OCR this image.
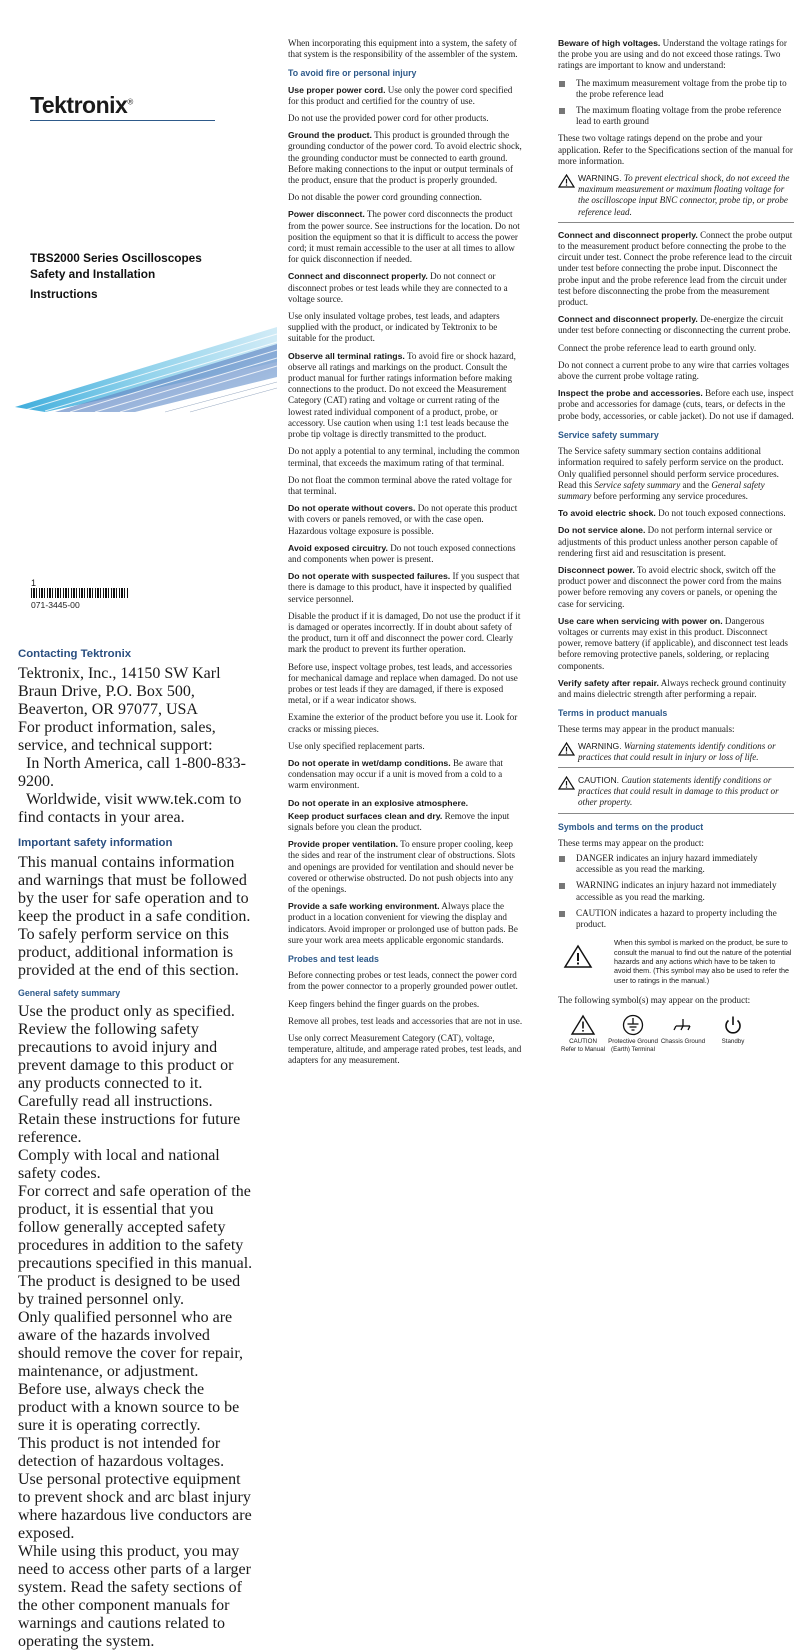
Tektronix®
TBS2000 Series Oscilloscopes
Safety and Installation
Instructions
1
071-3445-00
Contacting Tektronix

Tektronix, Inc., 14150 SW Karl Braun Drive, P.O. Box 500, Beaverton, OR 97077, USA

For product information, sales, service, and technical support:
In North America, call 1-800-833-9200.
Worldwide, visit www.tek.com to find contacts in your area.

Important safety information

This manual contains information and warnings that must be followed by the user for safe operation and to keep the product in a safe condition. To safely perform service on this product, additional information is provided at the end of this section.

General safety summary

Use the product only as specified. Review the following safety precautions to avoid injury and prevent damage to this product or any products connected to it. Carefully read all instructions. Retain these instructions for future reference.

Comply with local and national safety codes.

For correct and safe operation of the product, it is essential that you follow generally accepted safety procedures in addition to the safety precautions specified in this manual.

The product is designed to be used by trained personnel only.

Only qualified personnel who are aware of the hazards involved should remove the cover for repair, maintenance, or adjustment.

Before use, always check the product with a known source to be sure it is operating correctly.

This product is not intended for detection of hazardous voltages.

Use personal protective equipment to prevent shock and arc blast injury where hazardous live conductors are exposed.

While using this product, you may need to access other parts of a larger system. Read the safety sections of the other component manuals for warnings and cautions related to operating the system.

When incorporating this equipment into a system, the safety of that system is the responsibility of the assembler of the system.

To avoid fire or personal injury

Use proper power cord. Use only the power cord specified for this product and certified for the country of use.

Do not use the provided power cord for other products.

Ground the product. This product is grounded through the grounding conductor of the power cord. To avoid electric shock, the grounding conductor must be connected to earth ground. Before making connections to the input or output terminals of the product, ensure that the product is properly grounded.

Do not disable the power cord grounding connection.

Power disconnect. The power cord disconnects the product from the power source. See instructions for the location. Do not position the equipment so that it is difficult to access the power cord; it must remain accessible to the user at all times to allow for quick disconnection if needed.

Connect and disconnect properly. Do not connect or disconnect probes or test leads while they are connected to a voltage source.

Use only insulated voltage probes, test leads, and adapters supplied with the product, or indicated by Tektronix to be suitable for the product.

Observe all terminal ratings. To avoid fire or shock hazard, observe all ratings and markings on the product. Consult the product manual for further ratings information before making connections to the product. Do not exceed the Measurement Category (CAT) rating and voltage or current rating of the lowest rated individual component of a product, probe, or accessory. Use caution when using 1:1 test leads because the probe tip voltage is directly transmitted to the product.

Do not apply a potential to any terminal, including the common terminal, that exceeds the maximum rating of that terminal.

Do not float the common terminal above the rated voltage for that terminal.

Do not operate without covers. Do not operate this product with covers or panels removed, or with the case open. Hazardous voltage exposure is possible.

Avoid exposed circuitry. Do not touch exposed connections and components when power is present.

Do not operate with suspected failures. If you suspect that there is damage to this product, have it inspected by qualified service personnel.

Disable the product if it is damaged, Do not use the product if it is damaged or operates incorrectly. If in doubt about safety of the product, turn it off and disconnect the power cord. Clearly mark the product to prevent its further operation.

Before use, inspect voltage probes, test leads, and accessories for mechanical damage and replace when damaged. Do not use probes or test leads if they are damaged, if there is exposed metal, or if a wear indicator shows.

Examine the exterior of the product before you use it. Look for cracks or missing pieces.

Use only specified replacement parts.

Do not operate in wet/damp conditions. Be aware that condensation may occur if a unit is moved from a cold to a warm environment.

Do not operate in an explosive atmosphere.

Keep product surfaces clean and dry. Remove the input signals before you clean the product.

Provide proper ventilation. To ensure proper cooling, keep the sides and rear of the instrument clear of obstructions. Slots and openings are provided for ventilation and should never be covered or otherwise obstructed. Do not push objects into any of the openings.

Provide a safe working environment. Always place the product in a location convenient for viewing the display and indicators. Avoid improper or prolonged use of button pads. Be sure your work area meets applicable ergonomic standards.

Probes and test leads

Before connecting probes or test leads, connect the power cord from the power connector to a properly grounded power outlet.

Keep fingers behind the finger guards on the probes.

Remove all probes, test leads and accessories that are not in use.

Use only correct Measurement Category (CAT), voltage, temperature, altitude, and amperage rated probes, test leads, and adapters for any measurement.

Beware of high voltages. Understand the voltage ratings for the probe you are using and do not exceed those ratings. Two ratings are important to know and understand:

The maximum measurement voltage from the probe tip to the probe reference lead
The maximum floating voltage from the probe reference lead to earth ground

These two voltage ratings depend on the probe and your application. Refer to the Specifications section of the manual for more information.

WARNING. To prevent electrical shock, do not exceed the maximum measurement or maximum floating voltage for the oscilloscope input BNC connector, probe tip, or probe reference lead.

Connect and disconnect properly. Connect the probe output to the measurement product before connecting the probe to the circuit under test. Connect the probe reference lead to the circuit under test before connecting the probe input. Disconnect the probe input and the probe reference lead from the circuit under test before disconnecting the probe from the measurement product.

Connect and disconnect properly. De-energize the circuit under test before connecting or disconnecting the current probe.

Connect the probe reference lead to earth ground only.

Do not connect a current probe to any wire that carries voltages above the current probe voltage rating.

Inspect the probe and accessories. Before each use, inspect probe and accessories for damage (cuts, tears, or defects in the probe body, accessories, or cable jacket). Do not use if damaged.

Service safety summary

The Service safety summary section contains additional information required to safely perform service on the product. Only qualified personnel should perform service procedures. Read this Service safety summary and the General safety summary before performing any service procedures.

To avoid electric shock. Do not touch exposed connections.

Do not service alone. Do not perform internal service or adjustments of this product unless another person capable of rendering first aid and resuscitation is present.

Disconnect power. To avoid electric shock, switch off the product power and disconnect the power cord from the mains power before removing any covers or panels, or opening the case for servicing.

Use care when servicing with power on. Dangerous voltages or currents may exist in this product. Disconnect power, remove battery (if applicable), and disconnect test leads before removing protective panels, soldering, or replacing components.

Verify safety after repair. Always recheck ground continuity and mains dielectric strength after performing a repair.

Terms in product manuals

These terms may appear in the product manuals:

WARNING. Warning statements identify conditions or practices that could result in injury or loss of life.
CAUTION. Caution statements identify conditions or practices that could result in damage to this product or other property.
Symbols and terms on the product

These terms may appear on the product:

DANGER indicates an injury hazard immediately accessible as you read the marking.
WARNING indicates an injury hazard not immediately accessible as you read the marking.
CAUTION indicates a hazard to property including the product.
When this symbol is marked on the product, be sure to consult the manual to find out the nature of the potential hazards and any actions which have to be taken to avoid them. (This symbol may also be used to refer the user to ratings in the manual.)

The following symbol(s) may appear on the product:

CAUTION
Refer to Manual
Protective Ground
(Earth) Terminal
Chassis Ground	Standby
